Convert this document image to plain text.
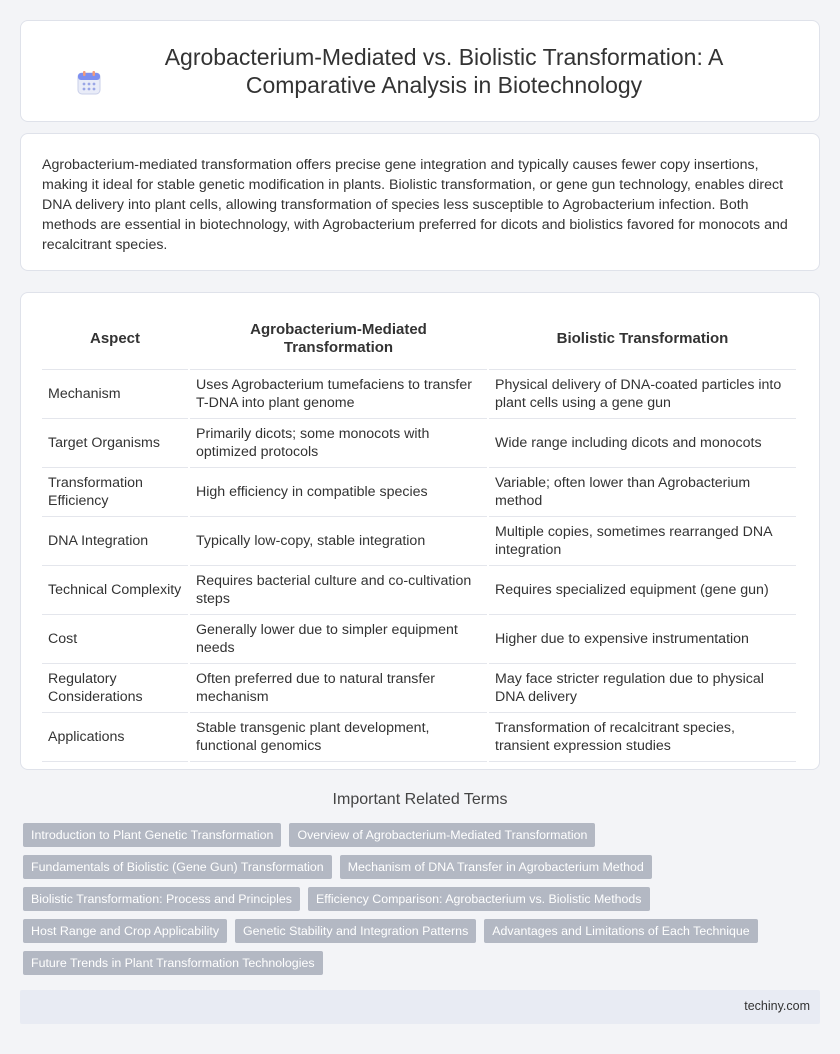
Agrobacterium-Mediated vs. Biolistic Transformation: A Comparative Analysis in Biotechnology

Agrobacterium-mediated transformation offers precise gene integration and typically causes fewer copy insertions, making it ideal for stable genetic modification in plants. Biolistic transformation, or gene gun technology, enables direct DNA delivery into plant cells, allowing transformation of species less susceptible to Agrobacterium infection. Both methods are essential in biotechnology, with Agrobacterium preferred for dicots and biolistics favored for monocots and recalcitrant species.

Aspect	Agrobacterium-Mediated Transformation	Biolistic Transformation
Mechanism	Uses Agrobacterium tumefaciens to transfer T-DNA into plant genome	Physical delivery of DNA-coated particles into plant cells using a gene gun
Target Organisms	Primarily dicots; some monocots with optimized protocols	Wide range including dicots and monocots
Transformation Efficiency	High efficiency in compatible species	Variable; often lower than Agrobacterium method
DNA Integration	Typically low-copy, stable integration	Multiple copies, sometimes rearranged DNA integration
Technical Complexity	Requires bacterial culture and co-cultivation steps	Requires specialized equipment (gene gun)
Cost	Generally lower due to simpler equipment needs	Higher due to expensive instrumentation
Regulatory Considerations	Often preferred due to natural transfer mechanism	May face stricter regulation due to physical DNA delivery
Applications	Stable transgenic plant development, functional genomics	Transformation of recalcitrant species, transient expression studies
Important Related Terms
Introduction to Plant Genetic Transformation	Overview of Agrobacterium-Mediated Transformation
Fundamentals of Biolistic (Gene Gun) Transformation	Mechanism of DNA Transfer in Agrobacterium Method
Biolistic Transformation: Process and Principles	Efficiency Comparison: Agrobacterium vs. Biolistic Methods
Host Range and Crop Applicability	Genetic Stability and Integration Patterns	Advantages and Limitations of Each Technique
Future Trends in Plant Transformation Technologies
techiny.com
